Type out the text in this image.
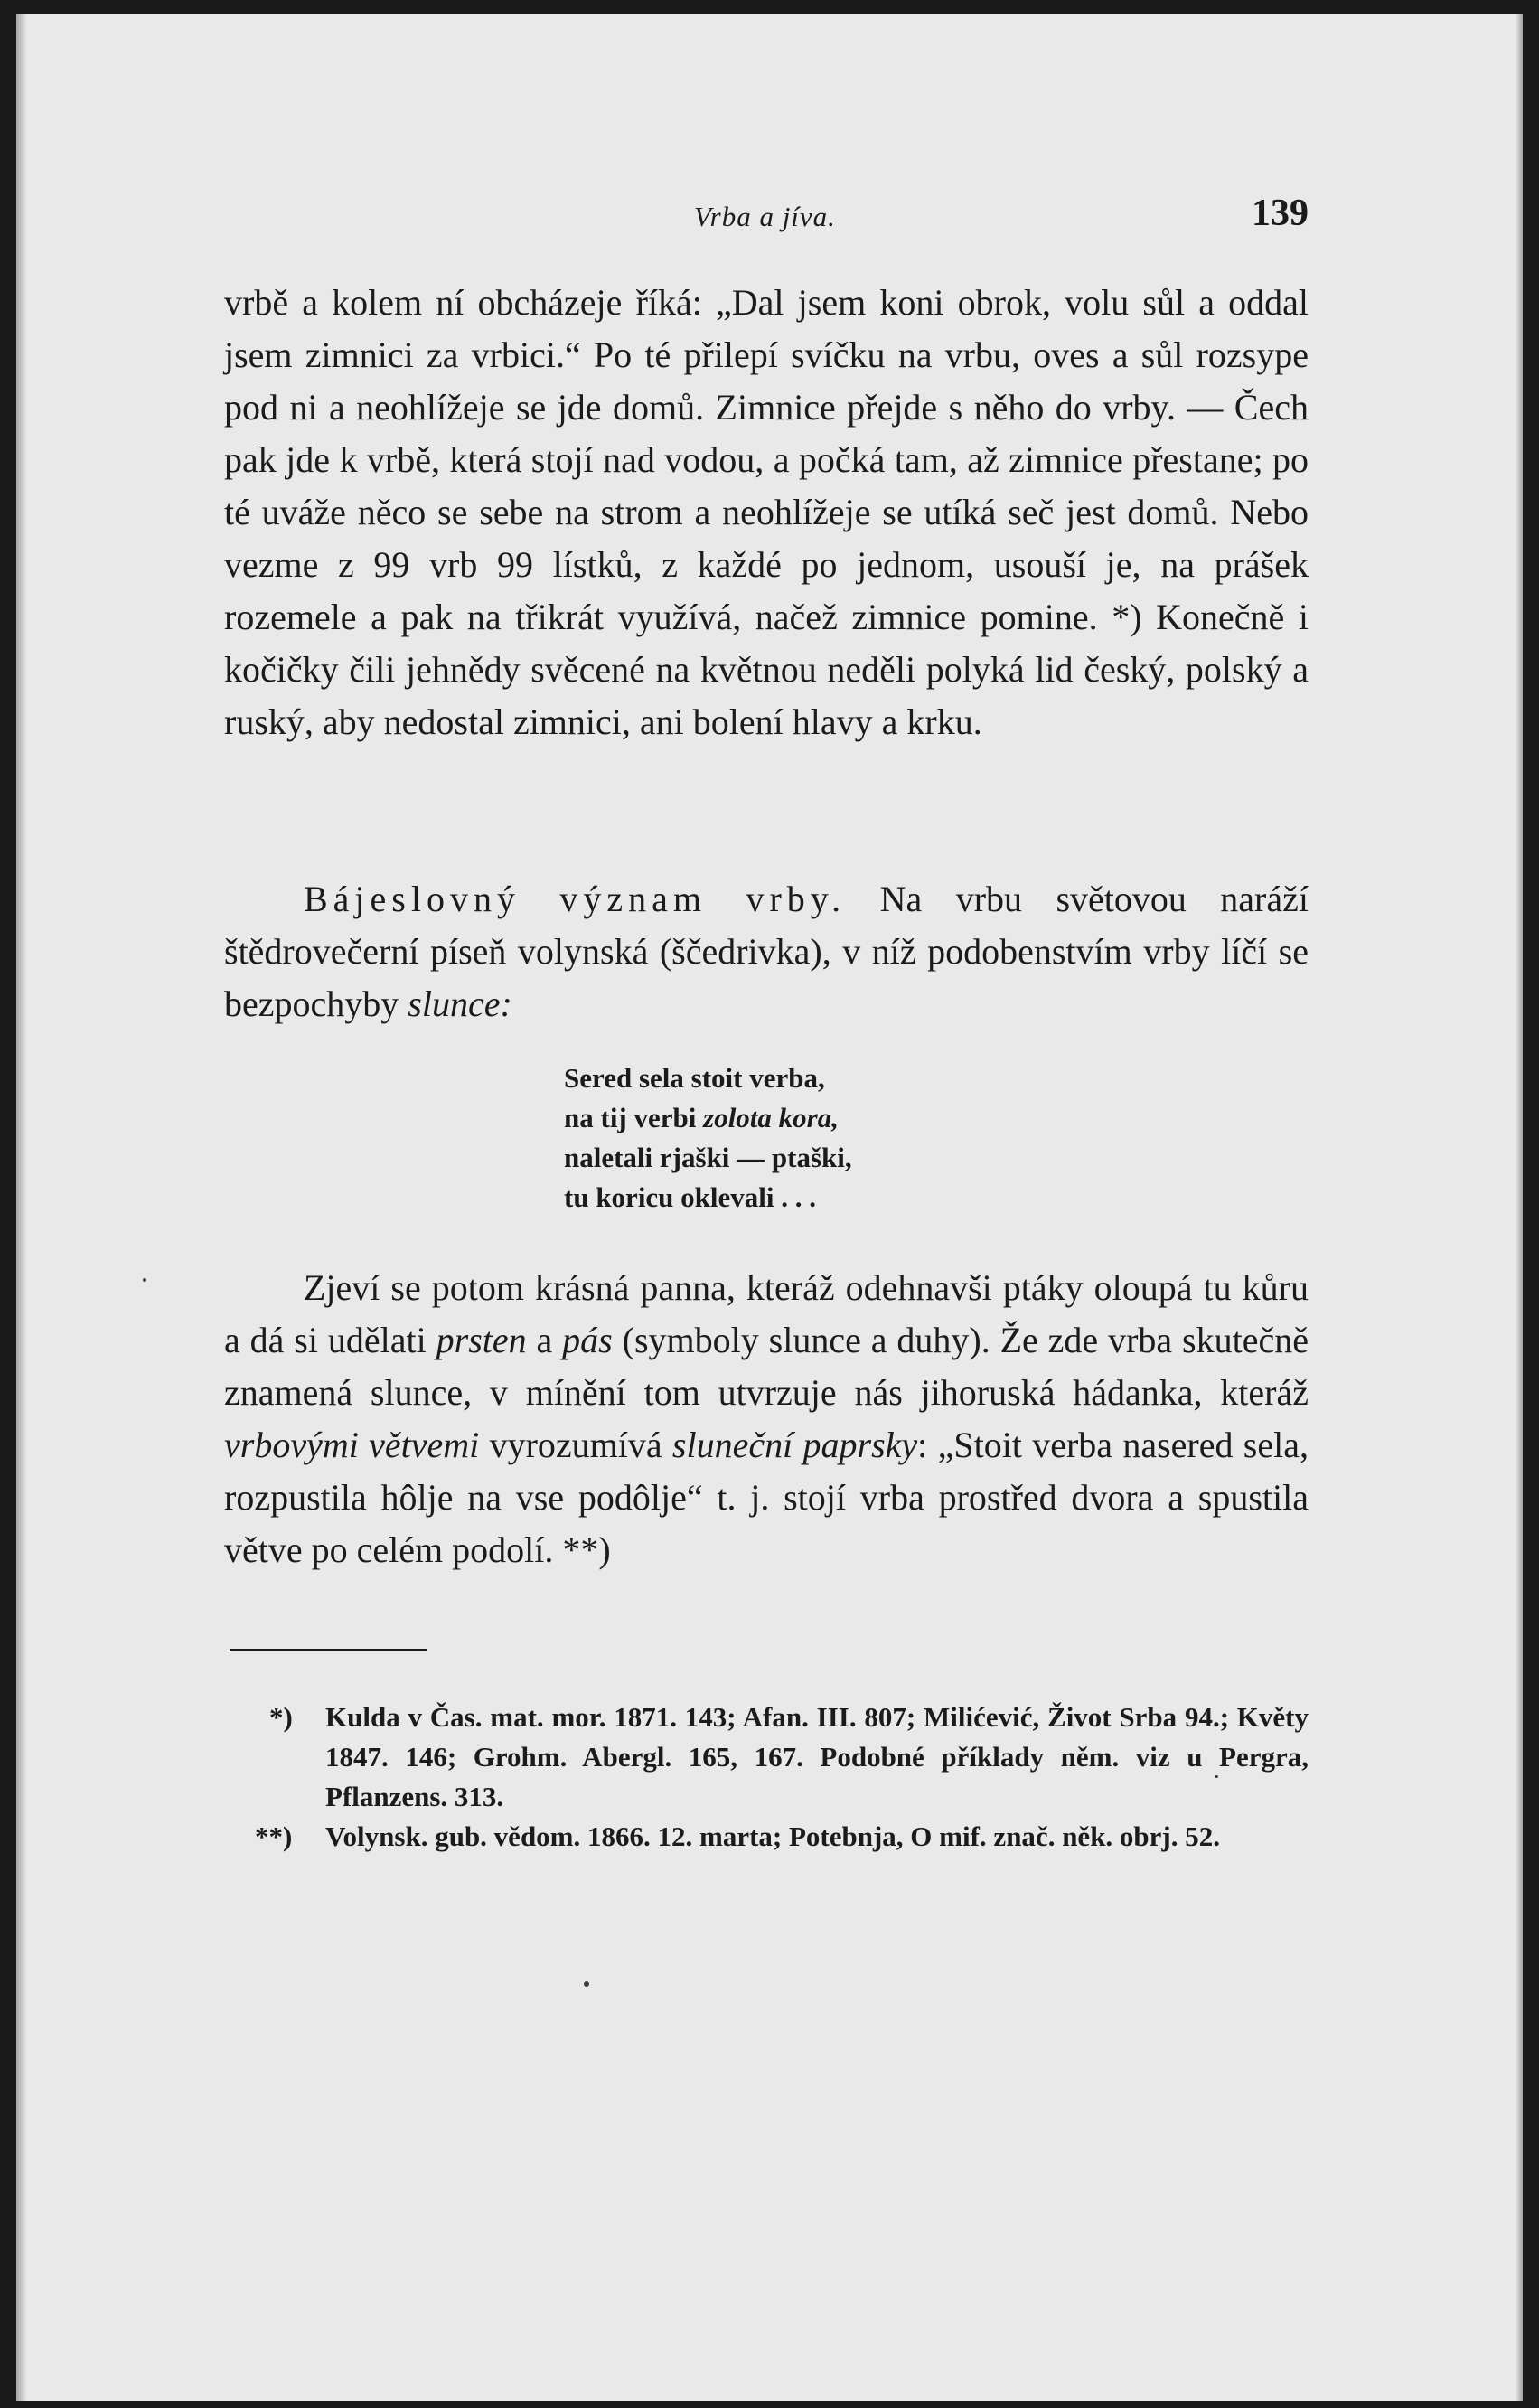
Vrba a jíva.	139

vrbě a kolem ní obcházeje říká: „Dal jsem koni obrok, volu sůl a oddal jsem zimnici za vrbici.“ Po té přilepí svíčku na vrbu, oves a sůl rozsype pod ni a neohlížeje se jde domů. Zimnice přejde s něho do vrby. — Čech pak jde k vrbě, která stojí nad vodou, a počká tam, až zimnice přestane; po té uváže něco se sebe na strom a neohlížeje se utíká seč jest domů. Nebo vezme z 99 vrb 99 lístků, z každé po jednom, usouší je, na prášek rozemele a pak na třikrát využívá, načež zimnice pomine. *) Konečně i kočičky čili jehnědy svěcené na květnou neděli polyká lid český, polský a ruský, aby nedostal zimnici, ani bolení hlavy a krku.

Bájeslovný význam vrby. Na vrbu světovou naráží štědrovečerní píseň volynská (ščedrivka), v níž podobenstvím vrby líčí se bezpochyby slunce:

Sered sela stoit verba,
na tij verbi zolota kora,
naletali rjaški — ptaški,
tu koricu oklevali . . .

Zjeví se potom krásná panna, kteráž odehnavši ptáky oloupá tu kůru a dá si udělati prsten a pás (symboly slunce a duhy). Že zde vrba skutečně znamená slunce, v mínění tom utvrzuje nás jihoruská hádanka, kteráž vrbovými větvemi vyrozumívá sluneční paprsky: „Stoit verba nasered sela, rozpustila hôlje na vse podôlje“ t. j. stojí vrba prostřed dvora a spustila větve po celém podolí. **)

*) Kulda v Čas. mat. mor. 1871. 143; Afan. III. 807; Milićević, Život Srba 94.; Květy 1847. 146; Grohm. Abergl. 165, 167. Podobné příklady něm. viz u Pergra, Pflanzens. 313.
**) Volynsk. gub. vědom. 1866. 12. marta; Potebnja, O mif. znač. něk. obrj. 52.
